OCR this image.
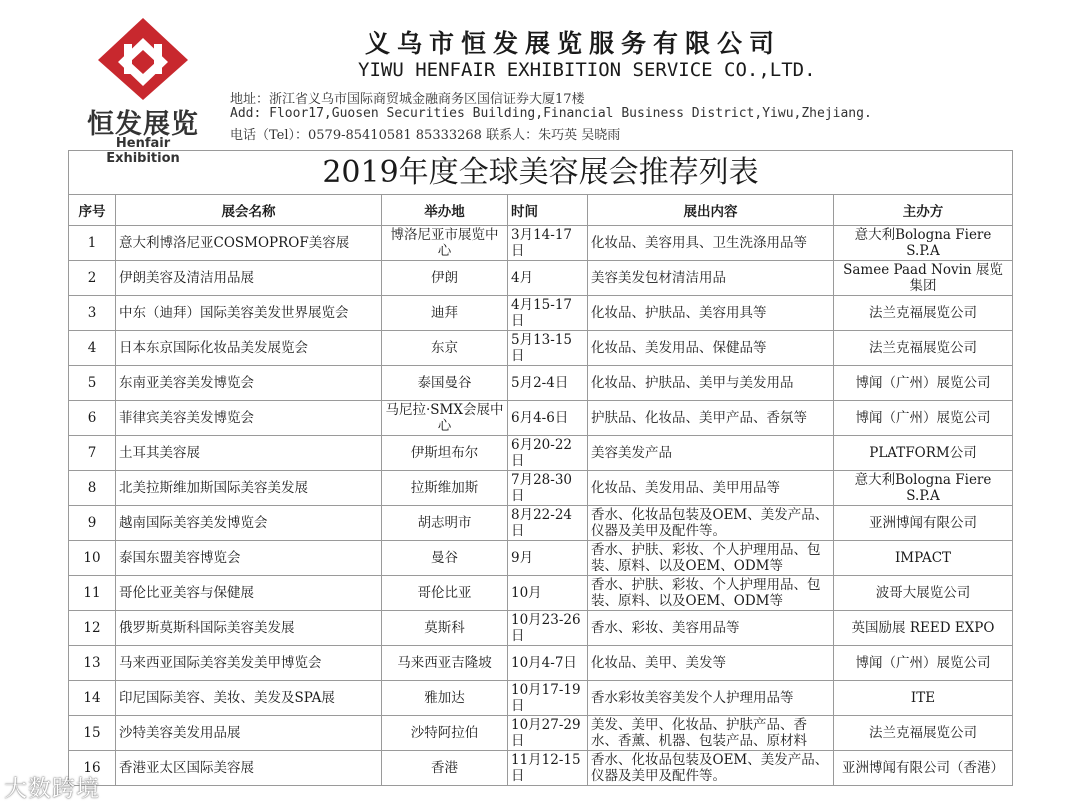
恒发展览
Henfair Exhibition
义乌市恒发展览服务有限公司
YIWU HENFAIR EXHIBITION SERVICE CO.,LTD.
地址：浙江省义乌市国际商贸城金融商务区国信证券大厦17楼
Add: Floor17,Guosen Securities Building,Financial Business District,Yiwu,Zhejiang.
电话（Tel）：0579-85410581 85333268 联系人：朱巧英 吴晓雨
2019年度全球美容展会推荐列表
序号	展会名称	举办地	时间	展出内容	主办方
1	意大利博洛尼亚COSMOPROF美容展	博洛尼亚市展览中心	3月14-17日	化妆品、美容用具、卫生洗涤用品等	意大利Bologna Fiere S.P.A
2	伊朗美容及清洁用品展	伊朗	4月	美容美发包材清洁用品	Samee Paad Novin 展览集团
3	中东（迪拜）国际美容美发世界展览会	迪拜	4月15-17日	化妆品、护肤品、美容用具等	法兰克福展览公司
4	日本东京国际化妆品美发展览会	东京	5月13-15日	化妆品、美发用品、保健品等	法兰克福展览公司
5	东南亚美容美发博览会	泰国曼谷	5月2-4日	化妆品、护肤品、美甲与美发用品	博闻（广州）展览公司
6	菲律宾美容美发博览会	马尼拉·SMX会展中心	6月4-6日	护肤品、化妆品、美甲产品、香氛等	博闻（广州）展览公司
7	土耳其美容展	伊斯坦布尔	6月20-22日	美容美发产品	PLATFORM公司
8	北美拉斯维加斯国际美容美发展	拉斯维加斯	7月28-30日	化妆品、美发用品、美甲用品等	意大利Bologna Fiere S.P.A
9	越南国际美容美发博览会	胡志明市	8月22-24日	香水、化妆品包装及OEM、美发产品、仪器及美甲及配件等。	亚洲博闻有限公司
10	泰国东盟美容博览会	曼谷	9月	香水、护肤、彩妆、个人护理用品、包装、原料、以及OEM、ODM等	IMPACT
11	哥伦比亚美容与保健展	哥伦比亚	10月	香水、护肤、彩妆、个人护理用品、包装、原料、以及OEM、ODM等	波哥大展览公司
12	俄罗斯莫斯科国际美容美发展	莫斯科	10月23-26日	香水、彩妆、美容用品等	英国励展 REED EXPO
13	马来西亚国际美容美发美甲博览会	马来西亚吉隆坡	10月4-7日	化妆品、美甲、美发等	博闻（广州）展览公司
14	印尼国际美容、美妆、美发及SPA展	雅加达	10月17-19日	香水彩妆美容美发个人护理用品等	ITE
15	沙特美容美发用品展	沙特阿拉伯	10月27-29日	美发、美甲、化妆品、护肤产品、香水、香薰、机器、包装产品、原材料	法兰克福展览公司
16	香港亚太区国际美容展	香港	11月12-15日	香水、化妆品包装及OEM、美发产品、仪器及美甲及配件等。	亚洲博闻有限公司（香港）
大数跨境
